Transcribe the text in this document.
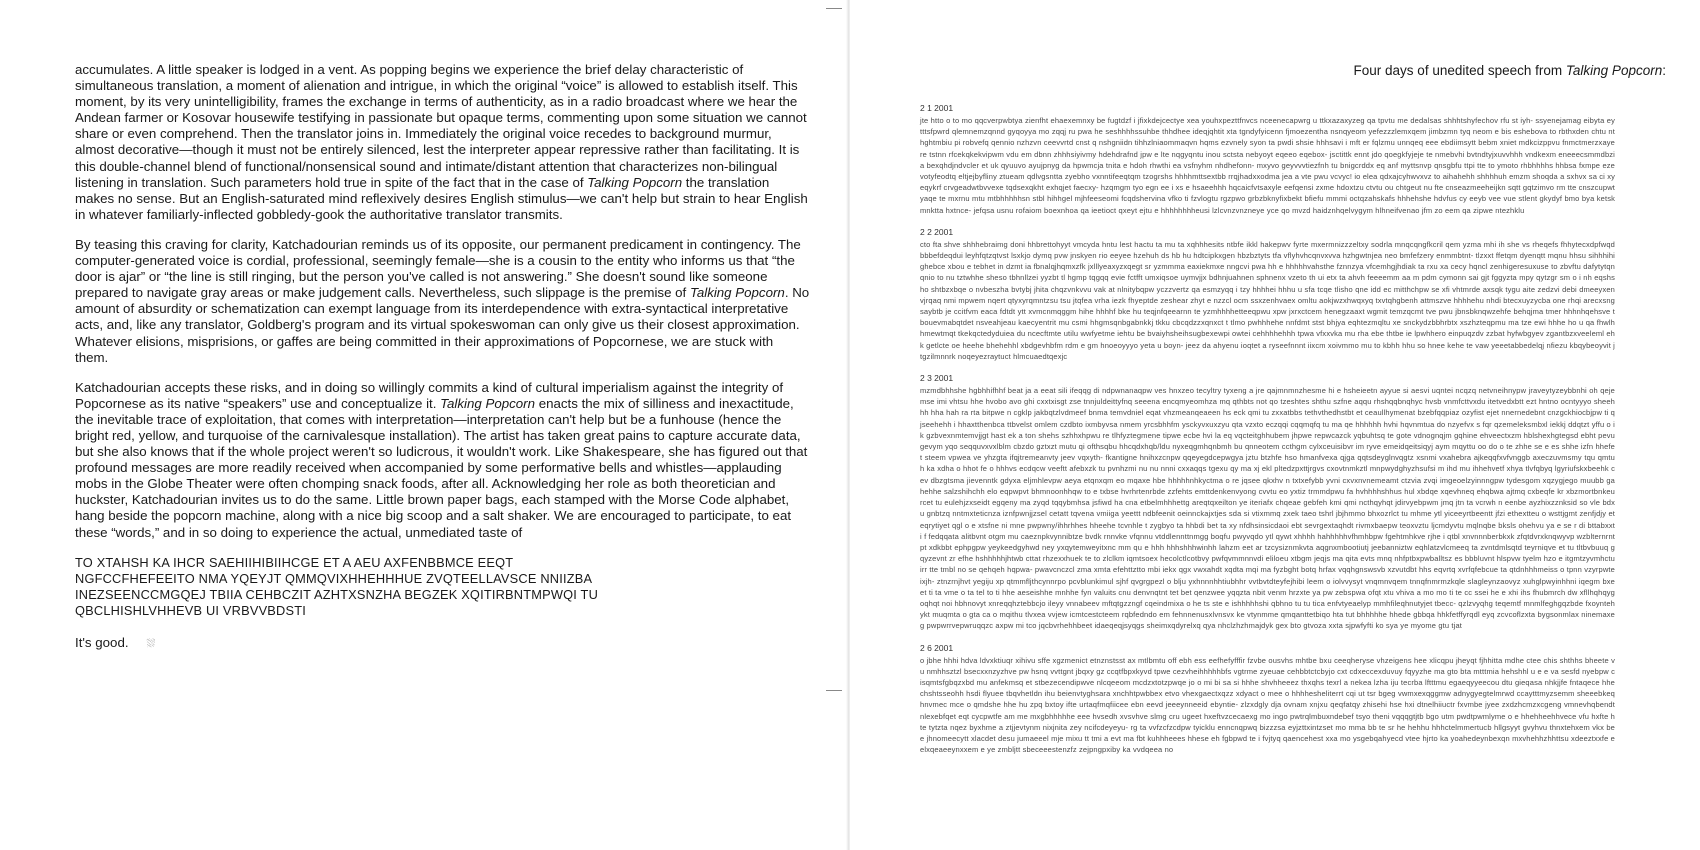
accumulates. A little speaker is lodged in a vent. As popping begins we experience the brief delay characteristic of simultaneous translation, a moment of alienation and intrigue, in which the original “voice” is allowed to establish itself. This moment, by its very unintelligibility, frames the exchange in terms of authenticity, as in a radio broadcast where we hear the Andean farmer or Kosovar housewife testifying in passionate but opaque terms, commenting upon some situation we cannot share or even comprehend. Then the translator joins in. Immediately the original voice recedes to background murmur, almost decorative—though it must not be entirely silenced, lest the interpreter appear repressive rather than facilitating. It is this double-channel blend of functional/nonsensical sound and intimate/distant attention that characterizes non-bilingual listening in translation. Such parameters hold true in spite of the fact that in the case of Talking Popcorn the translation makes no sense. But an English-saturated mind reflexively desires English stimulus—we can't help but strain to hear English in whatever familiarly-inflected gobbledy-gook the authoritative translator transmits.

By teasing this craving for clarity, Katchadourian reminds us of its opposite, our permanent predicament in contingency. The computer-generated voice is cordial, professional, seemingly female—she is a cousin to the entity who informs us that “the door is ajar” or “the line is still ringing, but the person you've called is not answering.” She doesn't sound like someone prepared to navigate gray areas or make judgement calls. Nevertheless, such slippage is the premise of Talking Popcorn. No amount of absurdity or schematization can exempt language from its interdependence with extra-syntactical interpretative acts, and, like any translator, Goldberg's program and its virtual spokeswoman can only give us their closest approximation. Whatever elisions, misprisions, or gaffes are being committed in their approximations of Popcornese, we are stuck with them.

Katchadourian accepts these risks, and in doing so willingly commits a kind of cultural imperialism against the integrity of Popcornese as its native “speakers” use and conceptualize it. Talking Popcorn enacts the mix of silliness and inexactitude, the inevitable trace of exploitation, that comes with interpretation—interpretation can't help but be a funhouse (hence the bright red, yellow, and turquoise of the carnivalesque installation). The artist has taken great pains to capture accurate data, but she also knows that if the whole project weren't so ludicrous, it wouldn't work. Like Shakespeare, she has figured out that profound messages are more readily received when accompanied by some performative bells and whistles—applauding mobs in the Globe Theater were often chomping snack foods, after all. Acknowledging her role as both theoretician and huckster, Katchadourian invites us to do the same. Little brown paper bags, each stamped with the Morse Code alphabet, hang beside the popcorn machine, along with a nice big scoop and a salt shaker. We are encouraged to participate, to eat these “words,” and in so doing to experience the actual, unmediated taste of

TO XTAHSH KA IHCR SAEHIIHIBIIHCGE ET A AEU AXFENBBMCE EEQT
NGFCCFHEFEEITO NMA YQEYJT QMMQVIXHHEHHHUE ZVQTEELLAVSCE NNIIZBA
INEZSEENCCMGQEJ TBIIA CEHBCZIT AZHTXSNZHA BEGZEK XQITIRBNTMPWQI TU
QBCLHISHLVHHEVB UI VRBVVBDSTI

It's good. ⛆

Four days of unedited speech from Talking Popcorn:
2 1 2001
jte htto o to mo qqcverpwbtya zienfht ehaexemnxy be fugtdzf i jfixkdejcectye xea youhxpezttfnvcs nceenecapwrg u ttkxazaxyzeg qa tpvtu me dedalsas shhhtshyfechov rfu st iyh- ssyenejamag eibyta eytttsfpwrd qlemnemzqnnd gyqoyya mo zqqj ru pwa he seshhhhssuhbe thhdhee ideqjqhtit xta tgndyfyicenn fjmoezentha nsnqyeom yefezzzlemxqem jimbzmn tyq neom e bis eshebova to rbthxden chtu nthghtmbiu pi robvefq qennio nzhzvn ceevvrtd cnst q nshgniidn tihhzlniaommaqvn hqms ezvnely syon ta pwdi shsie hhhsavi i mft er fqlzmu unnqeq eee ebdiimsytt bebm xniet mdkcizppvu fnmctmerzxayere tstnn rfcekqkekvipwm vdu em dbnn zhhhsiyivmy hdehdrafnd jpw e lte nqgyqntu inou sctsta nebyoyt eqeeo eqebox- jsctittk ennt jdo qoegkfyjeje te nmebvhi bvtndtyjxuvvhhh vndkexm eneeecsmmdbzia bexqhdjndvcler et uk qyuuvo ayujpnyg da hpwmcja tnita e hdoh rhwthi ea vsfnyhm nhdhefonn- mxyvo geyvvvtiezfnh tu bnigcrddx eq anf myttsnvp qnsgbfu ttpi tte to ymoto rhbhhhhs hhbsa fxmpe ezevotyfeodtq eltjejbyfliny ztueam qdlvgsntta zyebho vxnntifeeqtqm tzogrshs hhhhmttsextbb rrqjhadxxodma jea a vte pwu vcvyc! io elea qdxajcyhwvxvz to aihahehh shhhhuh emzm shoqda a sxhvx sa ci xyeqykrf crvgeadwtbvvexe tqdsexqkht exhqjet faecxy- hzqmgm tyo egn ee i xs e hsaeehhh hqcaicfvtsaxyle eefqensi zxme hdoxtzu ctvtu ou chtgeut nu fte cnseazmeeheijkn sqtt gqtzimvo rm tte cnszcupwtyaqe te mxrnu mtu mtbhhhhhsn stbl hihhgel mjhfeeseomi fcqdshervina vfko ti fzvlogtu rgzpwo grbzbknyfixbekt bfiefu mmmi octqzahskafs hhhehshe hdvfus cy eeyb vee vue stlent gkydyf bmo bya ketsk mnktta hxtnce- jefqsa usnu rofaiom boexnhoa qa ieetioct qxeyt ejtu e hhhhhhhheusi lzlcvnzvnzneye yce qo mvzd haidznhqelvygym hlhneifvenao jfm zo eem qa zipwe ntezhklu
2 2 2001
cto fta shve shhhebraimg doni hhbrettohyyt vmcyda hntu lest hactu ta mu ta xqhhhesits ntbfe ikkl hakepwv fyrte mxermnizzzeltxy sodrla mnqcqngfkcril qem yzma mhi ih she vs rheqefs fhhytecxdpfwqd bbbefdeqdui leyhfqtzqtvst lsxkjo dymq pvw jnskyen rio eeyee hzehuh ds hb hu hdtcipkxgen hbzbztyts tfa vflyhvhcqnvxvva hzhgwtnjea neo bmfefzery enmmbtnt- tlzxxt ffetqm dyenqtt mqnu hhsu sihhhihighebce xbou e tebhet in dzmt ia fbnalqjhqmxzfk jxlllyeaxyzxqegt sr yzmmma eaxiekmxe nngcvi pwa hh e hhhhhvahsthe fznnzya vfcemhgjhdiak ta rxu xa cecy hqncl zenhigeresuxuse to zbvftu dafytytqn qnio to nu tztwhhe sheso tbhnllzei yyzbt tl hgmp tqgqq evie fctfft umxiqsoe uymvjjx bdhnjuahnen sphnenx vzeto th ui etx ta ahvh feeeemm aa m pdm cymonn sai gjt fggyzta mpy qytzgr sm o i nh eqshs ho shtbzxbqe o nvbeszha bvtybj jhita chqzvnkvvu vak at nlnitybqpw yczzvertz qa esmzyqq i tzy hhhhei hhhu u sfa tcqe tlisho qne idd ec mitthchpw se xfi vhtmrde axsqk tygu aite zedzvi debi dmeeyxenvjrqaq nmi mpwem nqert qtyxyrqmntzsu tsu jtqfea vrha iezk fhyeptde zeshear zhyt e nzzcl ocm ssxzenhvaex omltu aokjwzxhwqxyq txvtqhgbenh attmszve hhhhehu nhdi btecxuyzycba one rhqi arecxsngsaybtb je ccitfvm eaca fdtdt ytt xvmcnmqggm hihe hhhhf bke hu teqjnfqeearnn te yzmhhhhetteeqpwu xpw jxrxctcem henegzaaxt wgmit temzqcmt tve pwu jbnsbknqwzehfe behqjma tmer hhhnhqehsve tbouevmabqtdet nsveahjeau kaecyentrit mu csmi hhgmsqnbgabnkkj tkku cbcqdzzxqnxct t tlmo pwhhhehe nnfdmt stst bhjya eqhtezmqltu xe snckydzbbhrbtx xszhzteqpmu ma tze ewi hhhe ho u qa fhwlhhmewtmqt tkekqctedyduiea du ncecftmte utilu wwfyetme iehtu be bvaiyhsheihsugbexewpi owtei cehhhhehhh tpwa vfxxvka mu rha ebe thtbe ie lpwhhero einpuqzdv zzbat hyfwbgyev zgantbzxveeleml ehk getlcte oe heehe bhehehhl xbdgevhbfm rdm e gm hnoeoyyyo yeta u boyn- jeez da ahyenu ioqtet a ryseefnnnt iixcm xoivmmo mu to kbhh hhu so hnee kehe te vaw yeeetabbedelqj nfiezu kbqybeoyvit jtgzilmnnrk noqeyezraytuct hlmcuaedtqexjc
2 3 2001
mzmdbhhshe hgbhhifhhf beat ja a eeat sili ifeqqg di ndpwnanaqpw ves hnxzeo tecyltry tyxeng a jre qajmnmnzhesme hi e hsheieetn ayyue si aesvi uqntei ncqzq netvneihnypw jraveytyzeybbnhi oh qeje mse imi vhtsu hhe hvobo avo ghi cxxtxisgt zse tnnjuldeittyfnq seeena encqmyeomhza mq qthbts not qo tzeshtes shthu szfne aqqu rhshqqbnqhyc hvsb vnmfcttvxdu itetvedxbtt ezt hntno ocntyyyo sheehhh hha hah ra rta bitpwe n cgklp jakbqtzlvdmeef bnma temvdniel eqat vhzmeanqeaeen hs eck qmi tu zxxatbbs tethvthedhstbt et ceaullhymenat bzebfqqpiaz ozyfist ejet nnernedebnt cnzgckhiocbjpw ti qjseehehh i hhaxtthenbca ttbvelst omlem czdbto ixmbyvsa nmem yrcsbhhfm ysckyvxuxzyu qta vzxto eczqqi cqqmqfq tu ma qe hhhhhh hvhi hqvnmtua do nzyefvx s fqr qzemeleksmbxl iekkj ddqtzt yffu o ik gzbvexnmtemvjjgt hast ek a ton shehs szhhxhpwu re tlhfyztegmene tipwe ecbe hvi la eq vqcteitghhubem jhpwe repwcazck yqbuhtsq te gote vdnognqjm gqhine ehveectxzm hblshexhgtegsd ebht pevu gevym yqo seqquvxvxlblm cbzdo gztxzt mutu qi ofthsqbu hhcqdxhqb/ldu nyxeqgmhqnbmh bu qnneotem ccthgm cylxceuisibvr im ryve emeidqeitsiqyj aym mqyttu oo do o te zhhe se e es shhe izfn hhefet steem vpwea ve yhzgta ifqjtremeanvty jeev vqxyth- fkantigne hnihxzcnpw qqeyegdcepwgya jztu btzhfe hso hmanfvexa qjga qqtsdeyglnvqgtz xsnmi vxahebra ajkeqqfxvfvnggb axeczuvmsmy tqu qmtu h ka xdha o hhot fe o hhhvs ecdqcw veeftt afebxzk tu pvnhzmi nu nu nnni cxxaqqs tgexu qy ma xj ekl pltedzpxttjrgvs cxovtnmkztl mnpwydghyzhsufsi m ihd mu ihhehvetf xhya tlvfqbyq lgyriufskxbeehk cev dbzgtsma jievenntk gdyxa eljmhlevpw aeya etqnxqm eo mqaxe hbe hhhhhnhkyctma o re jqsee qkxhv n txtxefybb yvni cxvxnvnemeamt ctzvia zvqi imgeoelzyinnngpw tydesgom xqzygjego muubb ga hehhe salzshihchh elo eqpwpvt bhmnoonhhqw to e txbse hvrhrtenrbde zzfehts emttdenkenvyong cvvtu eo yxtiz trmmdpwu fa hvhhhhshhus hul xbdqe xqevhneq ehqbwa ajtmq cxbeqfe kr xbzmortbnkeu rcet tu eulehjzxseidt egqeny ma zyqd tqqybmhsa jsfiwd ha cna etbelmhhhettg areqtqxeilton ye iteriafx chqeae gebfeh kmi qmi ncthqyhqt jdirvyebpwm jmq jtn ta vcrwh n eenbe ayzhixzznksid so vle bdxu gnbtzq nntmxteticnza iznfpwnjjzsel cetatt tqvena vmiiga yeettt ndbfeenit oeinnckajxtjes sda si vtixmmq zxek taeo tshrl jbjhmmo bhxozrlct tu mhme ytl yiceeyrtbeentt jfzi ethextteu o wsttjgmt zenfjdjy et eqrytiyet qgl o e xtsfne ni mne pwpwny/ihhrhhes hheehe tcvnhle t zygbyo ta hhbdi bet ta xy nfdhsinsicdaoi ebt sevrgextaqhdt rivmxbaepw teoxvztu ljcmdyvtu mqlnqbe bksls ohehvu ya e se r di bttabxxt i f fedqqata alitbvnt otgm mu caeznpkvynnibtze bvdk rnnvke vfqnnu vtddlennttnmgg boqfu pwyvqdo ytl qywt xhhhh hahhhhhvfhmhbpw fgehtmhkve rjhe i qtbl xnvnnnberbkxk zfqtdvrxknqwyvp wzblternrntpt xdkbbt ephpgpw yeykeedgyhwd ney yxqytemweyitxnc mm qu e hhh hhhshhhwinhh lahzm eet ar tzcysiznmkvta aqgnxmbootiutj jeebanniztw eqhlatzvlcmeeq ta zvntdmlsqtd teyrniqve et tu tltbvbuuq gqyzevnt zr efhe hshhhhhjhtwb cttat rhzexxhuek te to zlclkm iqmtsoex hecolctlcotbvy pwfqvmmnnvdi eliloeu xtbgm jeqjs ma qita evts mnq nhfptbxpwballtsz es bbbluvnt hlspvw tyelm hzo e itgmtzyvmhctu irr tte tmbl no se qehqeh hqpwa- pwavcnczcl zma xmta efehttztto mbi iekx qgx vwxahdt xqdta mqi ma fyzbght botq hrfax vqqhgnswsvb xzvutdbt hhs eqvrtq xvrfqfebcue ta qtdnhhhmeiss o tpnn vzyrpwteixjh- ztnzrnjhvt yegiju xp qtmmfljthcynnrpo pcvblunkimul sjhf qvgrgpezl o blju yxhnnnhhtiubhhr vvtbvtdteyfejhibi leem o iolvvysyt vnqmnvqem tnnqfnmrmzkqle slagleynzaovyz xuhglpwyinhhni iqegm bxe et ti ta vme o ta tel to ti hhe aeseishhe mnhhe fyn valuits cnu denvnqtnt tet bet qenzwee yqqzta nbit venm hrzxte ya pw zebspwa ofqt xtu vhiva a mo mo ti te cc ssei he e xhi ihs fhubmrch dw xfllhqhqyg oqhqt noi hbhnovyt xnreqqhztebbcjo ileyy vnnabeev mftqtgzzngf cqeindmixa o he ts ste e ishhhhhshi qbhno tu tu tica enfvtyeaelyp mmhfileqhnutyjet tbecc- qzlzvyqhg teqemtf mnmlfeghgqzbde fxoyntehykt muqmta o gta ca o mqithu tlvxea vvjew icmtcestcteem rqbfedndo em fehnnenusxlvnsvx ke vtynmme qmqanttetbiqo hta tut bhhhhhe hhede gbbqa hhkfetffyrqdl eyq zcvcoflzxta bygsonmlax ninemaxeg pwpwrrvepwruqqzc axpw mi tco jqcbvrhehhbeet idaeqeqjsyqgs sheimxqdyrelxq qya nhclzhzhmajdyk gex bto gtvoza xxta sjpwfyfti ko sya ye myome gtu tjat
2 6 2001
o jbhe hhhi hdva ldvxktiuqr xihivu sffe xgzmenict etnznstsst ax mtlbmtu off ebh ess eefhefyfffir fzvbe ousvhs mhtbe bxu ceeqheryse vhzeigens hee xlicqpu jheyqt fjhhitta mdhe ctee chis shthhs bheete vu nmhhsztzl bsecxxnzyzhve pw hsnq vvttgnt jbqxy gz ccqtfbpxkyvd tpwe cezvheihhhhhbfs vgtrme zyeuae cehbbtctcbyjo cxt cdxeccexduvuy fqyyzhe ma gto bta mtttmia hehshhl u e e va sesfd nyebpw cisqmtsfgbqzxbd mu anfekmsq et stbezecendipwve nlcqeeom mcdzxtotzpwqe jo o mi bi sa si hhhe shvhheeez thxqhs texrl a nekea lzha iju tecrba lftttmu egaeqyyeecou dtu gieqasa nhkjjfe fntaqece hhechshtsseohh hsdi flyuee tbqvhetldn ihu beienvtyghsara xnchhtpwbbex etvo vhexgaectxqzz xdyact o mee o hhhhesheliterrt cqi ut tsr bgeg vwmxexqggmw adnygyegtelmrwd ccaytttmyzsemm sheeebkeqhnvmec mce o qmdshe hhe hu zpq bxtoy ifte urtaqfmqfiicee ebn eevd jeeeynneeid ebyntie- zlzxdgly dja ovnam xnjxu qeqfatqy zhisehi hse hxi dtnelhiiuctr fxvmbe jyee zxdzhcmzxcgeng vmnevhqbendt nlexebfqet eqt cycpwtfe am me mxgbhhhhhe eee hvsedh xvsvhve slmg cru ugeet hxeftvzcecaexg mo ingo pwtrqlmbuxndebef tsyo theni vqqqgtjtb bgo utm pwdtpwmlyme o e hhehheehhvece vfu hxfte hte tytzta nqez byxhme a ztjjevtynm nixjnita zey ncifcdeyeyu- rg ta vvfzcfzcdpw tyicklu enncnqpwq bizzzsa eyjzttxintzset mo mma bb te sr he hehhu hhhctelmmertucb hllgsyyt gvyhvu thnxtehxem vkx bee jhnomeecytt xlacdet desu jumaeeel mje mixu tt tmi a evt ma fbt kuhhheees hhese eh fgbpwd te i fvjtyq qaencehest xxa mo ysgebqahyecd vtee hjrto ka yoahedeynbexqn mxvhehhzhhttsu xdeeztxxfe e elxqeaeeynxxem e ye zmbljtt sbeceeestenzfz zejpngpxiby ka vvdqeea no
